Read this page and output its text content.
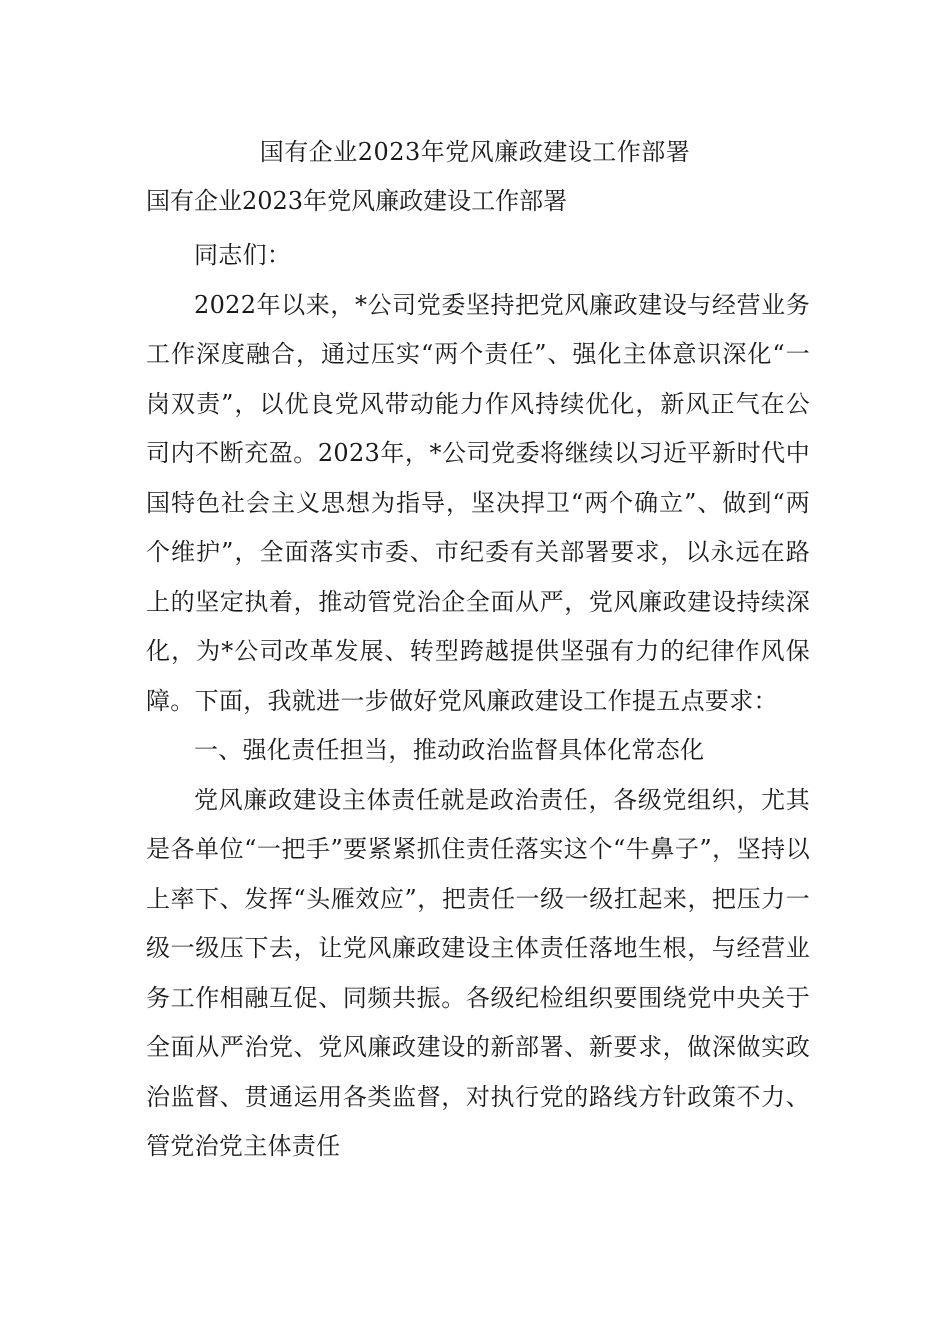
国有企业2023年党风廉政建设工作部署
国有企业2023年党风廉政建设工作部署

同志们：

2022年以来，*公司党委坚持把党风廉政建设与经营业务工作深度融合，通过压实“两个责任”、强化主体意识深化“一岗双责”，以优良党风带动能力作风持续优化，新风正气在公司内不断充盈。2023年，*公司党委将继续以习近平新时代中国特色社会主义思想为指导，坚决捍卫“两个确立”、做到“两个维护”，全面落实市委、市纪委有关部署要求，以永远在路上的坚定执着，推动管党治企全面从严，党风廉政建设持续深化，为*公司改革发展、转型跨越提供坚强有力的纪律作风保障。下面，我就进一步做好党风廉政建设工作提五点要求：

一、强化责任担当，推动政治监督具体化常态化

党风廉政建设主体责任就是政治责任，各级党组织，尤其是各单位“一把手”要紧紧抓住责任落实这个“牛鼻子”，坚持以上率下、发挥“头雁效应”，把责任一级一级扛起来，把压力一级一级压下去，让党风廉政建设主体责任落地生根，与经营业务工作相融互促、同频共振。各级纪检组织要围绕党中央关于全面从严治党、党风廉政建设的新部署、新要求，做深做实政治监督、贯通运用各类监督，对执行党的路线方针政策不力、管党治党主体责任
